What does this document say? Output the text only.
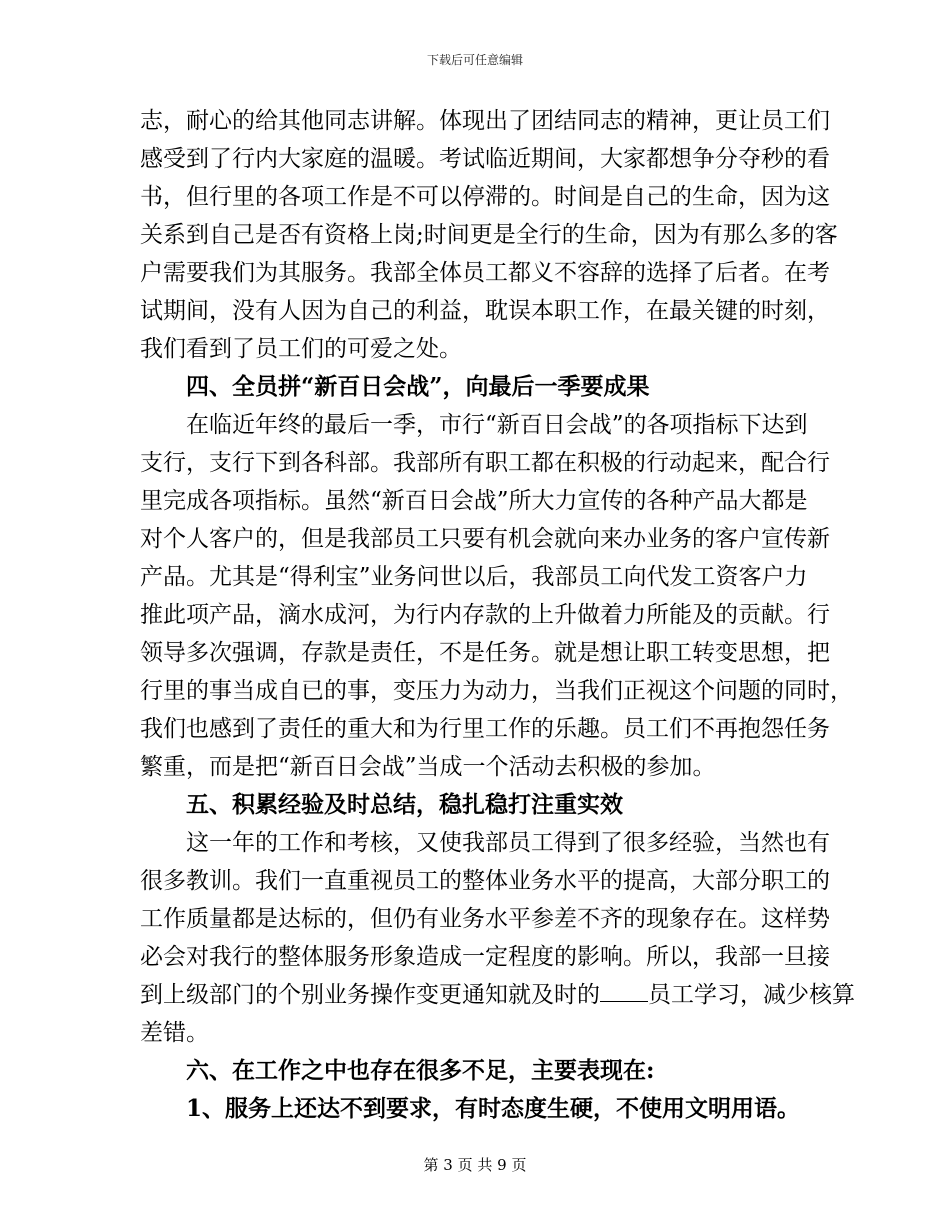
下载后可任意编辑
志，耐心的给其他同志讲解。体现出了团结同志的精神，更让员工们
感受到了行内大家庭的温暖。考试临近期间，大家都想争分夺秒的看
书，但行里的各项工作是不可以停滞的。时间是自己的生命，因为这
关系到自己是否有资格上岗;时间更是全行的生命，因为有那么多的客
户需要我们为其服务。我部全体员工都义不容辞的选择了后者。在考
试期间，没有人因为自己的利益，耽误本职工作，在最关键的时刻，
我们看到了员工们的可爱之处。
四、全员拼“新百日会战”，向最后一季要成果
在临近年终的最后一季，市行“新百日会战”的各项指标下达到
支行，支行下到各科部。我部所有职工都在积极的行动起来，配合行
里完成各项指标。虽然“新百日会战”所大力宣传的各种产品大都是
对个人客户的，但是我部员工只要有机会就向来办业务的客户宣传新
产品。尤其是“得利宝”业务问世以后，我部员工向代发工资客户力
推此项产品，滴水成河，为行内存款的上升做着力所能及的贡献。行
领导多次强调，存款是责任，不是任务。就是想让职工转变思想，把
行里的事当成自已的事，变压力为动力，当我们正视这个问题的同时，
我们也感到了责任的重大和为行里工作的乐趣。员工们不再抱怨任务
繁重，而是把“新百日会战”当成一个活动去积极的参加。
五、积累经验及时总结，稳扎稳打注重实效
这一年的工作和考核，又使我部员工得到了很多经验，当然也有
很多教训。我们一直重视员工的整体业务水平的提高，大部分职工的
工作质量都是达标的，但仍有业务水平参差不齐的现象存在。这样势
必会对我行的整体服务形象造成一定程度的影响。所以，我部一旦接
到上级部门的个别业务操作变更通知就及时的 员工学习，减少核算
差错。
六、在工作之中也存在很多不足，主要表现在:
1、服务上还达不到要求，有时态度生硬，不使用文明用语。
第 3 页 共 9 页
